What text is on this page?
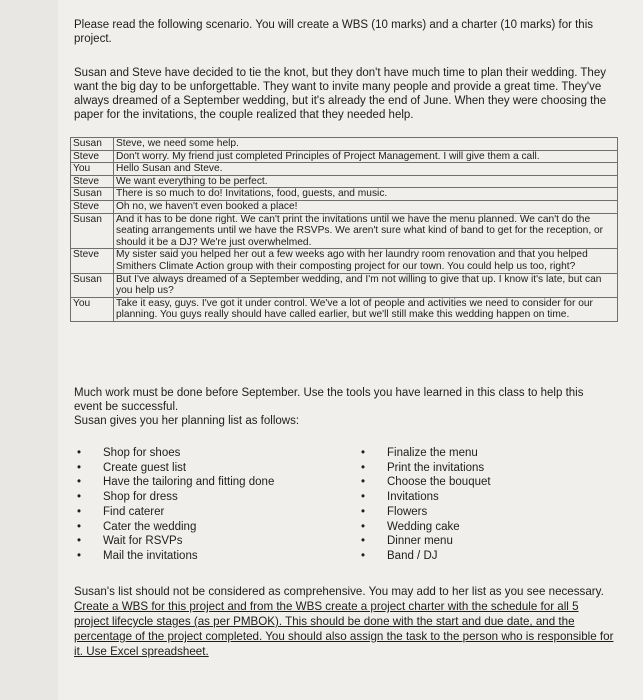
Please read the following scenario. You will create a WBS (10 marks) and a charter (10 marks) for this project.
Susan and Steve have decided to tie the knot, but they don't have much time to plan their wedding. They want the big day to be unforgettable. They want to invite many people and provide a great time. They've always dreamed of a September wedding, but it's already the end of June. When they were choosing the paper for the invitations, the couple realized that they needed help.
Susan	Steve, we need some help.
Steve	Don't worry. My friend just completed Principles of Project Management. I will give them a call.
You	Hello Susan and Steve.
Steve	We want everything to be perfect.
Susan	There is so much to do! Invitations, food, guests, and music.
Steve	Oh no, we haven't even booked a place!
Susan	And it has to be done right. We can't print the invitations until we have the menu planned. We can't do the seating arrangements until we have the RSVPs. We aren't sure what kind of band to get for the reception, or should it be a DJ? We're just overwhelmed.
Steve	My sister said you helped her out a few weeks ago with her laundry room renovation and that you helped Smithers Climate Action group with their composting project for our town. You could help us too, right?
Susan	But I've always dreamed of a September wedding, and I'm not willing to give that up. I know it's late, but can you help us?
You	Take it easy, guys. I've got it under control. We've a lot of people and activities we need to consider for our planning. You guys really should have called earlier, but we'll still make this wedding happen on time.
Much work must be done before September. Use the tools you have learned in this class to help this event be successful.
Susan gives you her planning list as follows:
• Shop for shoes
• Create guest list
• Have the tailoring and fitting done
• Shop for dress
• Find caterer
• Cater the wedding
• Wait for RSVPs
• Mail the invitations
• Finalize the menu
• Print the invitations
• Choose the bouquet
• Invitations
• Flowers
• Wedding cake
• Dinner menu
• Band / DJ
Susan's list should not be considered as comprehensive. You may add to her list as you see necessary. Create a WBS for this project and from the WBS create a project charter with the schedule for all 5 project lifecycle stages (as per PMBOK). This should be done with the start and due date, and the percentage of the project completed. You should also assign the task to the person who is responsible for it. Use Excel spreadsheet.
